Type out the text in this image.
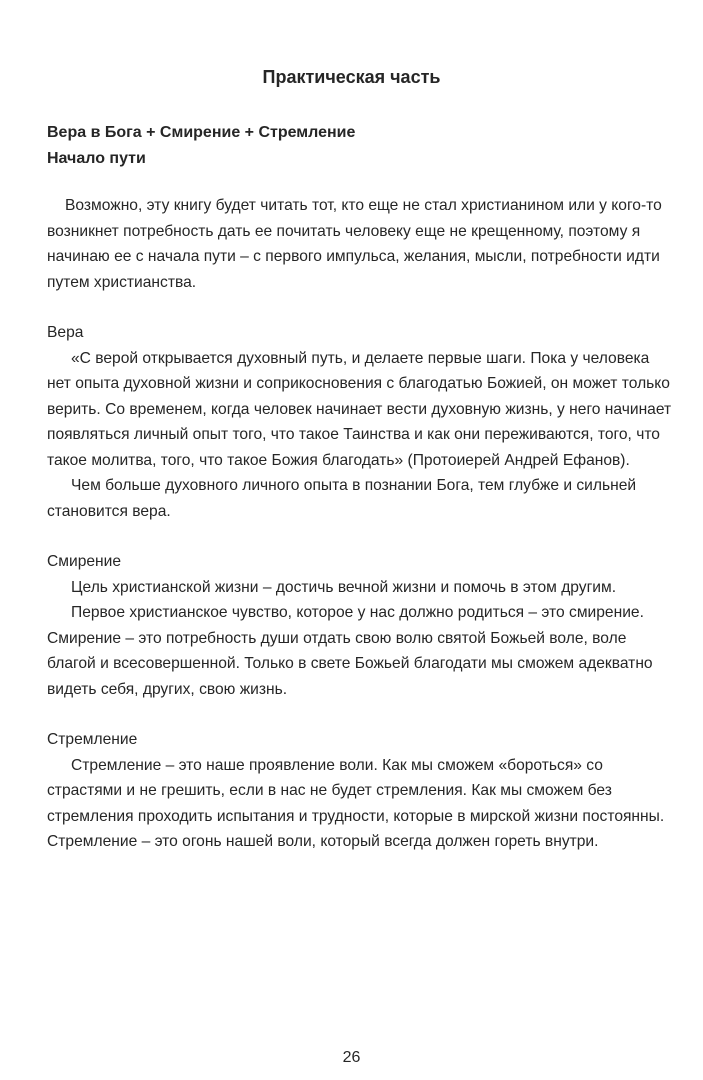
Практическая часть
Вера в Бога + Смирение + Стремление
Начало пути

Возможно, эту книгу будет читать тот, кто еще не стал христианином или у кого-то возникнет потребность дать ее почитать человеку еще не крещенному, поэтому я начинаю ее с начала пути – с первого импульса, желания, мысли, потребности идти путем христианства.

Вера

«С верой открывается духовный путь, и делаете первые шаги. Пока у человека нет опыта духовной жизни и соприкосновения с благодатью Божией, он может только верить. Со временем, когда человек начинает вести духовную жизнь, у него начинает появляться личный опыт того, что такое Таинства и как они переживаются, того, что такое молитва, того, что такое Божия благодать» (Протоиерей Андрей Ефанов).

Чем больше духовного личного опыта в познании Бога, тем глубже и сильней становится вера.

Смирение

Цель христианской жизни – достичь вечной жизни и помочь в этом другим.

Первое христианское чувство, которое у нас должно родиться – это смирение. Смирение – это потребность души отдать свою волю святой Божьей воле, воле благой и всесовершенной. Только в свете Божьей благодати мы сможем адекватно видеть себя, других, свою жизнь.

Стремление

Стремление – это наше проявление воли. Как мы сможем «бороться» со страстями и не грешить, если в нас не будет стремления. Как мы сможем без стремления проходить испытания и трудности, которые в мирской жизни постоянны. Стремление – это огонь нашей воли, который всегда должен гореть внутри.

26
